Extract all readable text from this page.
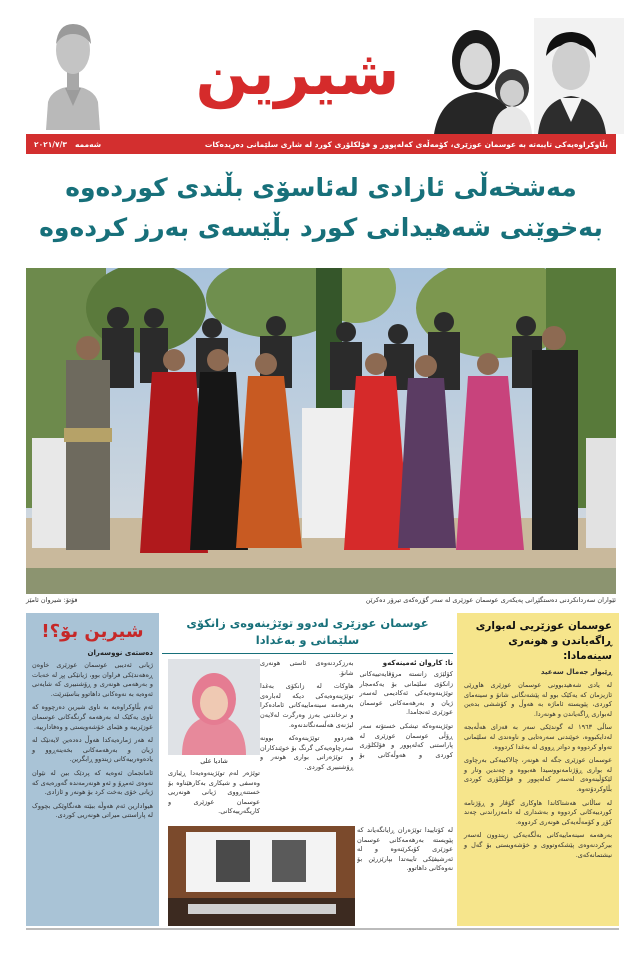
شیرین
بڵاوکراوەیەکی تایبەتە بە عوسمان عوزێری، کۆمەڵەی کەلەپوور و فۆلکلۆری کورد لە شاری سلێمانی دەریدەکات
شەممە
٢٠٢١/٧/٣
مەشخەڵی ئازادی لەئاسۆی بڵندی کوردەوە
بەخوێنی شەهیدانی کورد بڵێسەی بەرز کردەوە
ئێواران سەردانکردنی دەستگێڕانی پەیکەری عوسمان عوزێری لە سەر گۆڕەکەی تیرۆر دەکرێن
فۆتۆ: شیروان ئامێز
عوسمان عوزێریی لەبواری ڕاگەیاندن و هونەری سینەمادا:
ڕێبوار جەمال سەعید

لە یادی شەهیدبوونی عوسمان عوزێری هاوڕێی ئازیزمان کە یەکێک بوو لە پێشەنگانی شانۆ و سینەمای کوردی، پێویستە ئاماژە بە هەوڵ و کۆششی بدەین لەبواری ڕاگەیاندن و هونەردا.

ساڵی ١٩٦٣ لە گوندێکی سەر بە قەزای هەڵەبجە لەدایکبووە، خوێندنی سەرەتایی و ناوەندی لە سلێمانی تەواو کردووە و دواتر ڕووی لە بەغدا کردووە.

عوسمان عوزێری جگە لە هونەر، چالاکییەکی بەرچاوی لە بواری ڕۆژنامەنووسیدا هەبووە و چەندین وتار و لێکۆڵینەوەی لەسەر کەلەپوور و فۆلکلۆری کوردی بڵاوکردۆتەوە.

لە ساڵانی هەشتاکاندا هاوکاری گۆڤار و ڕۆژنامە کوردییەکانی کردووە و بەشداری لە دامەزراندنی چەند کۆڕ و کۆمەڵەیەکی هونەری کردووە.

بەرهەمە سینەماییەکانی بەڵگەیەکی زیندوون لەسەر بیرکردنەوەی پێشکەوتووی و خۆشەویستی بۆ گەل و نیشتمانەکەی.

عوسمان عوزێری لەدوو توێژینەوەی زانکۆی سلێمانی و بەغدادا
نا: کاروان ئەمینەکەو

کۆلێژی زانستە مرۆڤایەتییەکانی زانکۆی سلێمانی بۆ یەکەمجار توێژینەوەیەکی ئەکادیمی لەسەر ژیان و بەرهەمەکانی عوسمان عوزێری ئەنجامدا.

توێژینەوەکە تیشکی خستۆتە سەر ڕۆڵی عوسمان عوزێری لە پاراستنی کەلەپوور و فۆلکلۆری کوردی و هەوڵەکانی بۆ بەرزکردنەوەی ئاستی هونەری شانۆ.

هاوکات لە زانکۆی بەغدا توێژینەوەیەکی دیکە لەبارەی بەرهەمە سینەماییەکانی ئامادەکرا و نرخاندنی بەرز وەرگرت لەلایەن لیژنەی هەڵسەنگاندنەوە.

هەردوو توێژینەوەکە بوونە سەرچاوەیەکی گرنگ بۆ خوێندکاران و توێژەرانی بواری هونەر و ڕۆشنبیری کوردی.

شادیا علی

توێژەر لەم توێژینەوەیەدا ڕێبازی وەسفی و شیکاری بەکارهێناوە بۆ خستنەڕووی ژیانی هونەریی عوسمان عوزێری و کاریگەرییەکانی.

لە کۆتاییدا توێژەران ڕایانگەیاند کە پێویستە بەرهەمەکانی عوسمان عوزێری کۆبکرێنەوە و لە ئەرشیفێکی تایبەتدا بپارێزرێن بۆ نەوەکانی داهاتوو.

شیرین بۆ؟!
دەستەی نووسەران

ژیانی ئەدیبی عوسمان عوزێری خاوەن ڕەهەندێکی فراوان بوو، ژیانێکی پڕ لە خەبات و بەرهەمی هونەری و ڕۆشنبیری کە شایەنی ئەوەیە بە نەوەکانی داهاتوو بناسێنرێت.

ئەم بڵاوکراوەیە بە ناوی شیرین دەرچووە کە ناوی یەکێک لە بەرهەمە گرنگەکانی عوسمان عوزێرییە و هێمای خۆشەویستی و وەفادارییە.

لە هەر ژمارەیەکدا هەوڵ دەدەین لایەنێک لە ژیان و بەرهەمەکانی بخەینەڕوو و یادەوەرییەکانی زیندوو ڕابگرین.

ئامانجمان ئەوەیە کە پردێک بین لە نێوان نەوەی ئەمڕۆ و ئەو هونەرمەندە گەورەیەی کە ژیانی خۆی بەخت کرد بۆ هونەر و ئازادی.

هیوادارین ئەم هەوڵە ببێتە هەنگاوێکی بچووک لە پاراستنی میراتی هونەریی کوردی.
